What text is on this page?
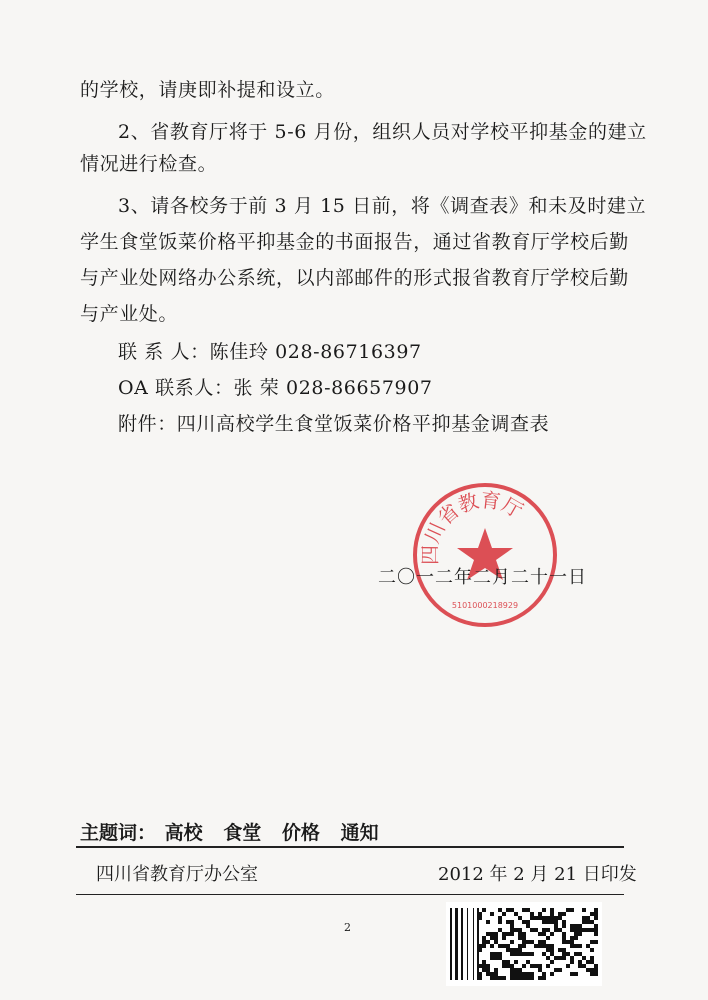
的学校，请庚即补提和设立。
2、省教育厅将于 5-6 月份，组织人员对学校平抑基金的建立
情况进行检查。
3、请各校务于前 3 月 15 日前，将《调查表》和未及时建立
学生食堂饭菜价格平抑基金的书面报告，通过省教育厅学校后勤
与产业处网络办公系统，以内部邮件的形式报省教育厅学校后勤
与产业处。
联 系 人：陈佳玲 028-86716397
OA 联系人：张 荣 028-86657907
附件：四川高校学生食堂饭菜价格平抑基金调查表
四川省教育厅
5101000218929
二〇一二年二月二十一日
主题词： 高校 食堂 价格 通知
四川省教育厅办公室	2012 年 2 月 21 日印发
2
